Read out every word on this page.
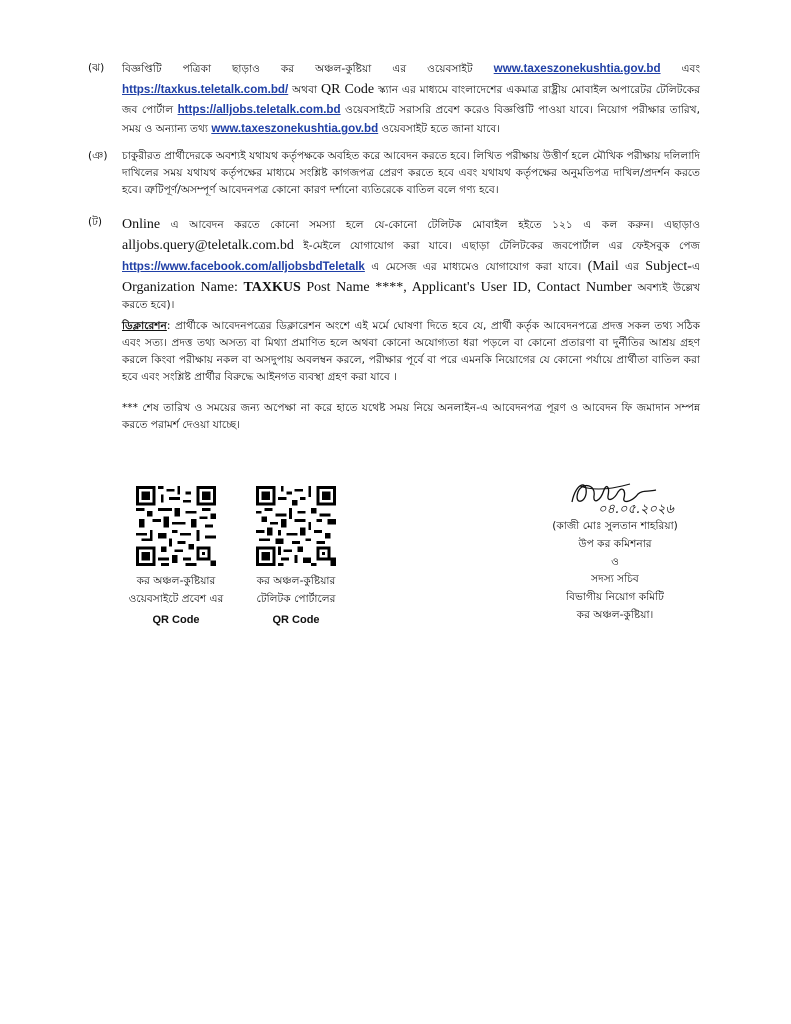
(ঝ)	বিজ্ঞপ্তিটি পত্রিকা ছাড়াও কর অঞ্চল-কুষ্টিয়া এর ওয়েবসাইট www.taxeszonekushtia.gov.bd এবং https://taxkus.teletalk.com.bd/ অথবা QR Code স্ক্যান এর মাধ্যমে বাংলাদেশের একমাত্র রাষ্ট্রীয় মোবাইল অপারেটর টেলিটকের জব পোর্টাল https://alljobs.teletalk.com.bd ওয়েবসাইটে সরাসরি প্রবেশ করেও বিজ্ঞপ্তিটি পাওয়া যাবে। নিয়োগ পরীক্ষার তারিখ, সময় ও অন্যান্য তথ্য www.taxeszonekushtia.gov.bd ওয়েবসাইট হতে জানা যাবে।
(ঞ)	চাকুরীরত প্রার্থীদেরকে অবশ্যই যথাযথ কর্তৃপক্ষকে অবহিত করে আবেদন করতে হবে। লিখিত পরীক্ষায় উত্তীর্ণ হলে মৌখিক পরীক্ষায় দলিলাদি দাখিলের সময় যথাযথ কর্তৃপক্ষের মাধ্যমে সংশ্লিষ্ট কাগজপত্র প্রেরণ করতে হবে এবং যথাযথ কর্তৃপক্ষের অনুমতিপত্র দাখিল/প্রদর্শন করতে হবে। ত্রুটিপূর্ণ/অসম্পূর্ণ আবেদনপত্র কোনো কারণ দর্শানো ব্যতিরেকে বাতিল বলে গণ্য হবে।
(ট)	Online এ আবেদন করতে কোনো সমস্যা হলে যে-কোনো টেলিটক মোবাইল হইতে ১২১ এ কল করুন। এছাড়াও alljobs.query@teletalk.com.bd ই-মেইলে যোগাযোগ করা যাবে। এছাড়া টেলিটকের জবপোর্টাল এর ফেইসবুক পেজ https://www.facebook.com/alljobsbdTeletalk এ মেসেজ এর মাধ্যমেও যোগাযোগ করা যাবে। (Mail এর Subject-এ Organization Name: TAXKUS Post Name ****, Applicant's User ID, Contact Number অবশ্যই উল্লেখ করতে হবে)।
ডিক্লারেশন: প্রার্থীকে আবেদনপত্রের ডিক্লারেশন অংশে এই মর্মে ঘোষণা দিতে হবে যে, প্রার্থী কর্তৃক আবেদনপত্রে প্রদত্ত সকল তথ্য সঠিক এবং সত্য। প্রদত্ত তথ্য অসত্য বা মিথ্যা প্রমাণিত হলে অথবা কোনো অযোগ্যতা ধরা পড়লে বা কোনো প্রতারণা বা দুর্নীতির আশ্রয় গ্রহণ করলে কিংবা পরীক্ষায় নকল বা অসদুপায় অবলম্বন করলে, পরীক্ষার পূর্বে বা পরে এমনকি নিয়োগের যে কোনো পর্যায়ে প্রার্থীতা বাতিল করা হবে এবং সংশ্লিষ্ট প্রার্থীর বিরুদ্ধে আইনগত ব্যবস্থা গ্রহণ করা যাবে ।
*** শেষ তারিখ ও সময়ের জন্য অপেক্ষা না করে হাতে যথেষ্ট সময় নিয়ে অনলাইন-এ আবেদনপত্র পূরণ ও আবেদন ফি জমাদান সম্পন্ন করতে পরামর্শ দেওয়া যাচ্ছে।
কর অঞ্চল-কুষ্টিয়ার
ওয়েবসাইটে প্রবেশ এর
QR Code
কর অঞ্চল-কুষ্টিয়ার
টেলিটক পোর্টালের
QR Code
০৪.০৫.২০২৬
(কাজী মোঃ সুলতান শাহরিয়া)
উপ কর কমিশনার
ও
সদস্য সচিব
বিভাগীয় নিয়োগ কমিটি
কর অঞ্চল-কুষ্টিয়া।
